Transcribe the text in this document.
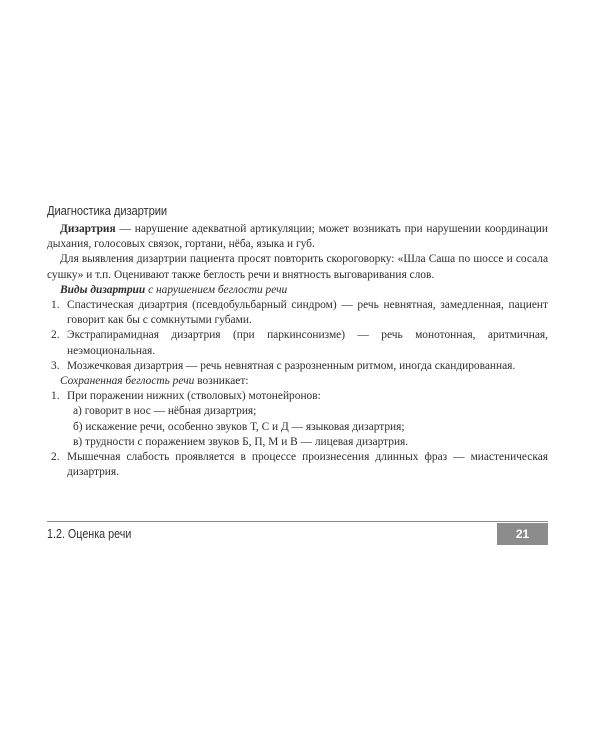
Диагностика дизартрии

Дизартрия — нарушение адекватной артикуляции; может возникать при нарушении координации дыхания, голосовых связок, гортани, нёба, языка и губ.

Для выявления дизартрии пациента просят повторить скороговорку: «Шла Саша по шоссе и сосала сушку» и т.п. Оценивают также беглость речи и внятность выговаривания слов.

Виды дизартрии с нарушением беглости речи

1. Спастическая дизартрия (псевдобульбарный синдром) — речь невнятная, замедленная, пациент говорит как бы с сомкнутыми губами.
2. Экстрапирамидная дизартрия (при паркинсонизме) — речь монотонная, аритмичная, неэмоциональная.
3. Мозжечковая дизартрия — речь невнятная с разрозненным ритмом, иногда скандированная.

Сохраненная беглость речи возникает:

1. При поражении нижних (стволовых) мотонейронов:
а) говорит в нос — нёбная дизартрия;
б) искажение речи, особенно звуков Т, С и Д — языковая дизартрия;
в) трудности с поражением звуков Б, П, М и В — лицевая дизартрия.
2. Мышечная слабость проявляется в процессе произнесения длинных фраз — миастеническая дизартрия.
1.2. Оценка речи	21
